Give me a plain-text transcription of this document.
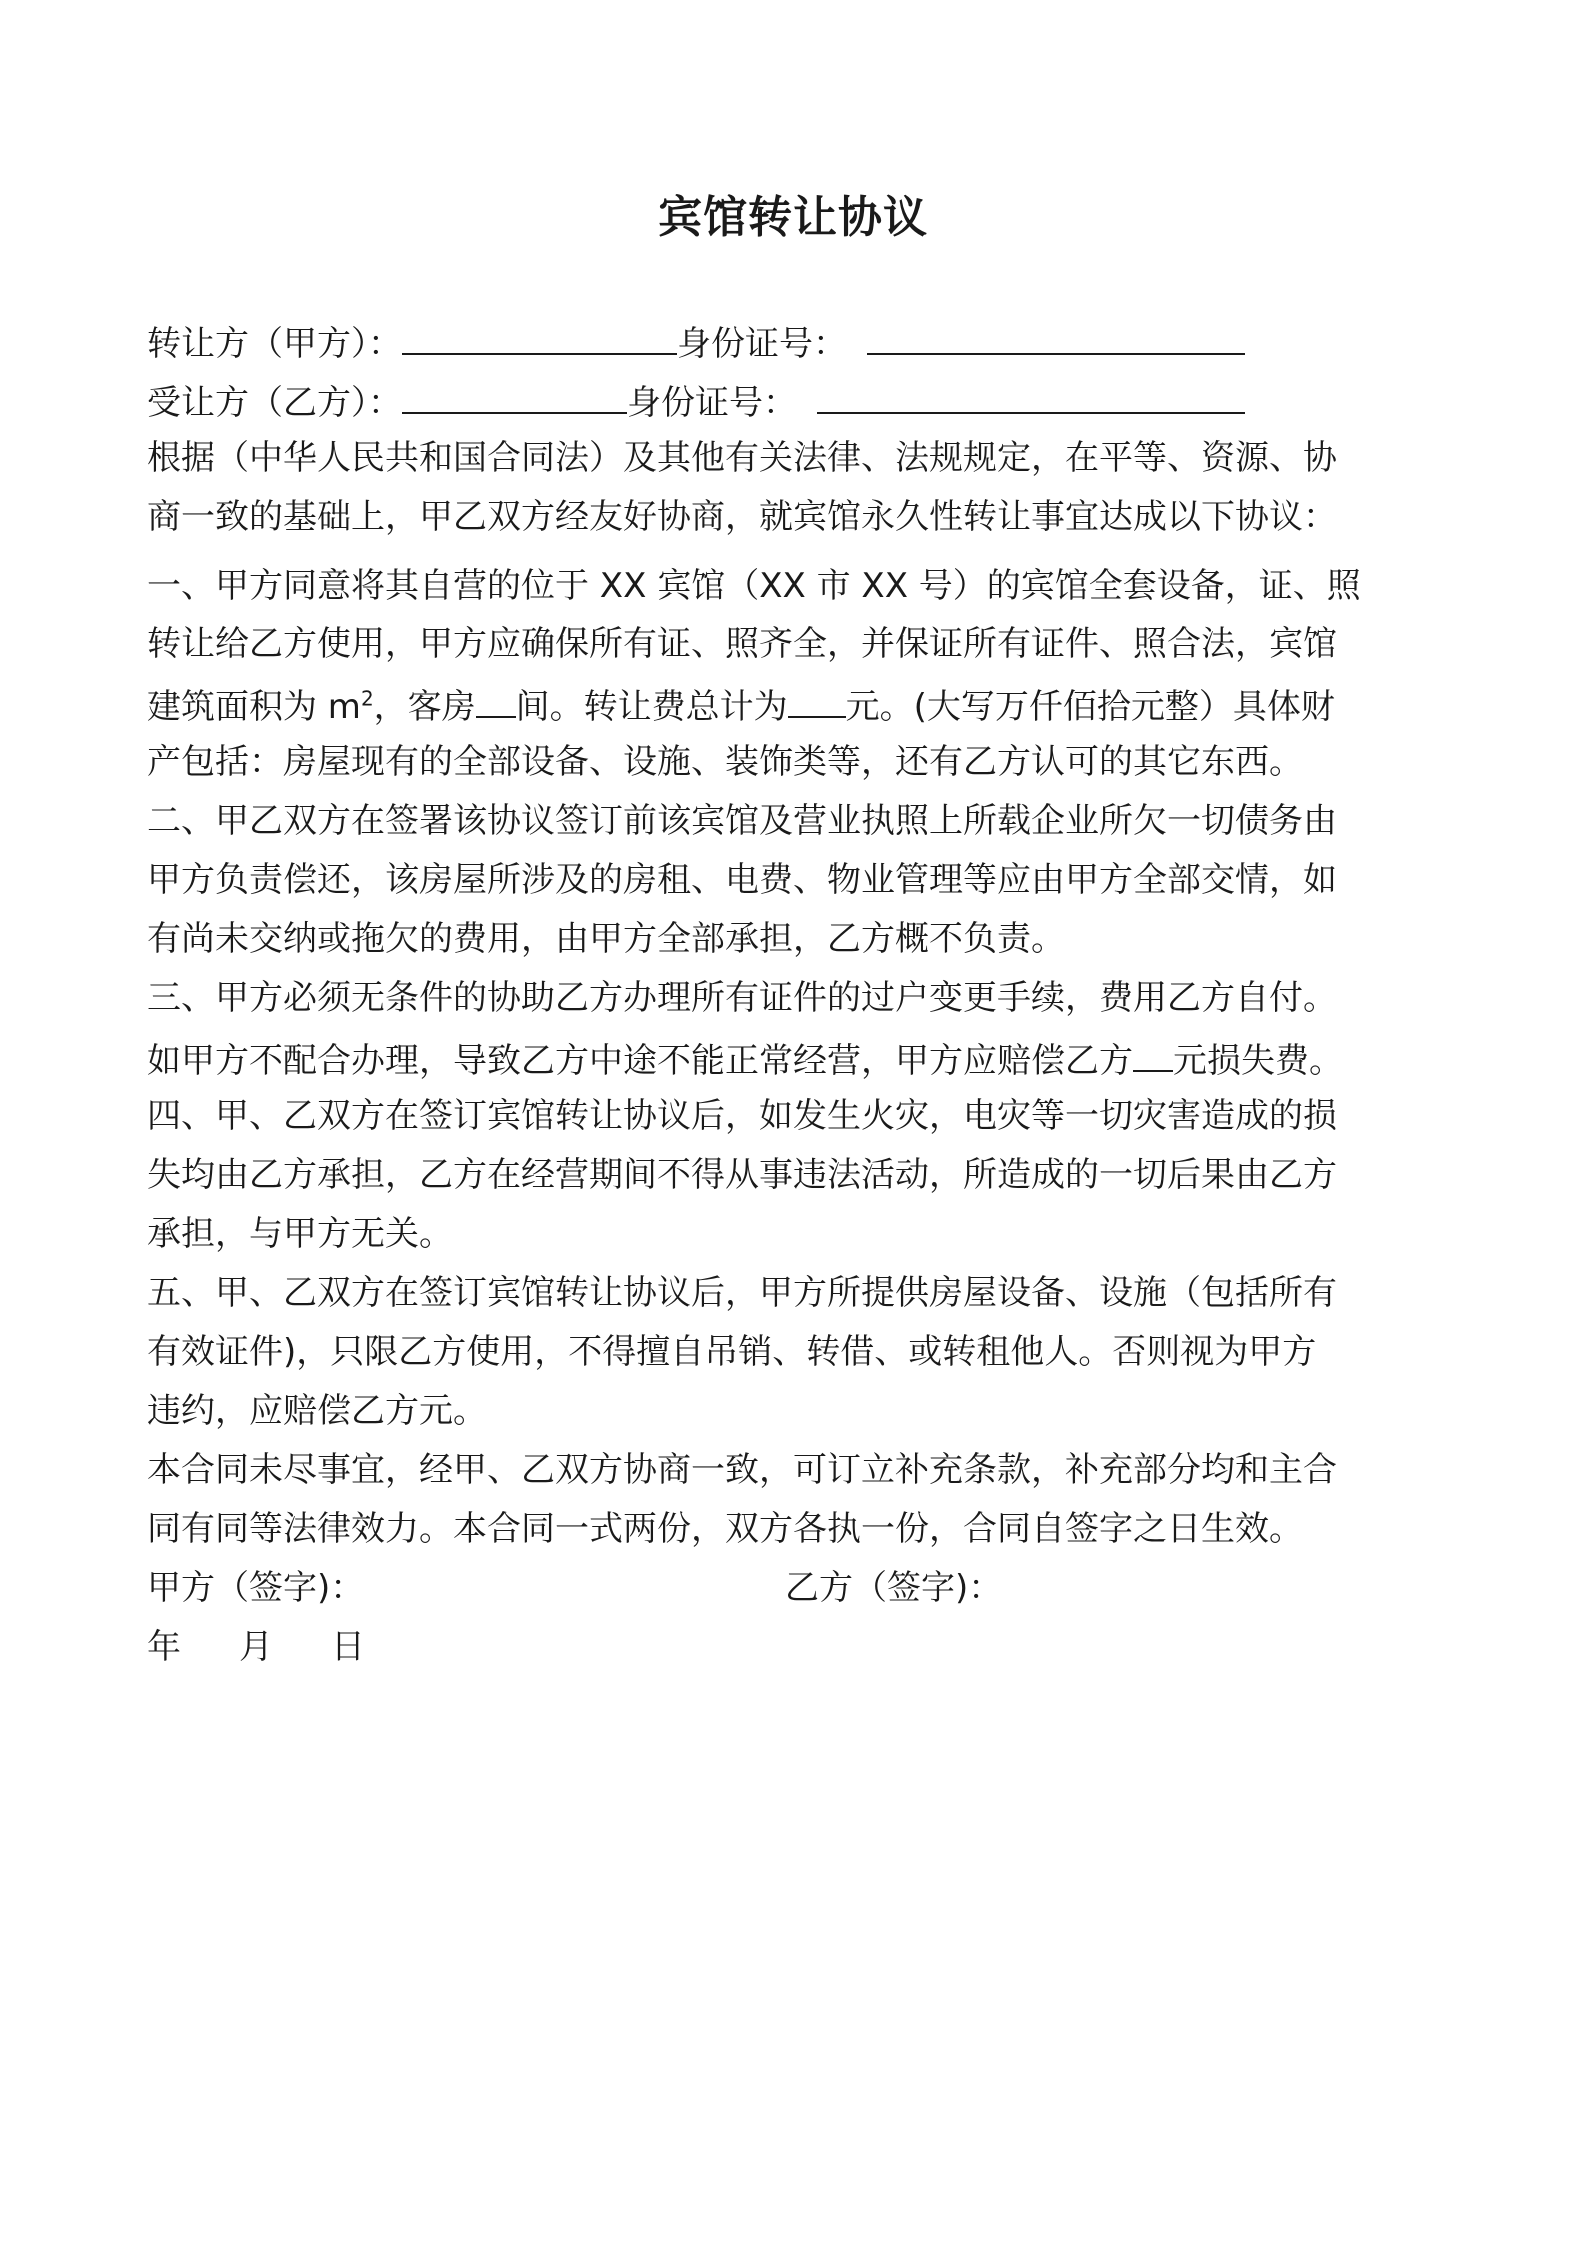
宾馆转让协议
转让方（甲方）：	身份证号：
受让方（乙方）：	身份证号：
根据（中华人民共和国合同法）及其他有关法律、法规规定，在平等、资源、协
商一致的基础上，甲乙双方经友好协商，就宾馆永久性转让事宜达成以下协议：
一、甲方同意将其自营的位于 XX 宾馆（XX 市 XX 号）的宾馆全套设备，证、照
转让给乙方使用，甲方应确保所有证、照齐全，并保证所有证件、照合法，宾馆
建筑面积为 $m^2$，客房 间。转让费总计为 元。(大写万仟佰拾元整）具体财
产包括：房屋现有的全部设备、设施、装饰类等，还有乙方认可的其它东西。
二、甲乙双方在签署该协议签订前该宾馆及营业执照上所载企业所欠一切债务由
甲方负责偿还，该房屋所涉及的房租、电费、物业管理等应由甲方全部交情，如
有尚未交纳或拖欠的费用，由甲方全部承担，乙方概不负责。
三、甲方必须无条件的协助乙方办理所有证件的过户变更手续，费用乙方自付。
如甲方不配合办理，导致乙方中途不能正常经营，甲方应赔偿乙方 元损失费。
四、甲、乙双方在签订宾馆转让协议后，如发生火灾，电灾等一切灾害造成的损
失均由乙方承担，乙方在经营期间不得从事违法活动，所造成的一切后果由乙方
承担，与甲方无关。
五、甲、乙双方在签订宾馆转让协议后，甲方所提供房屋设备、设施（包括所有
有效证件)，只限乙方使用，不得擅自吊销、转借、或转租他人。否则视为甲方
违约，应赔偿乙方元。
本合同未尽事宜，经甲、乙双方协商一致，可订立补充条款，补充部分均和主合
同有同等法律效力。本合同一式两份，双方各执一份，合同自签字之日生效。
甲方（签字)：	乙方（签字)：
年 月 日
